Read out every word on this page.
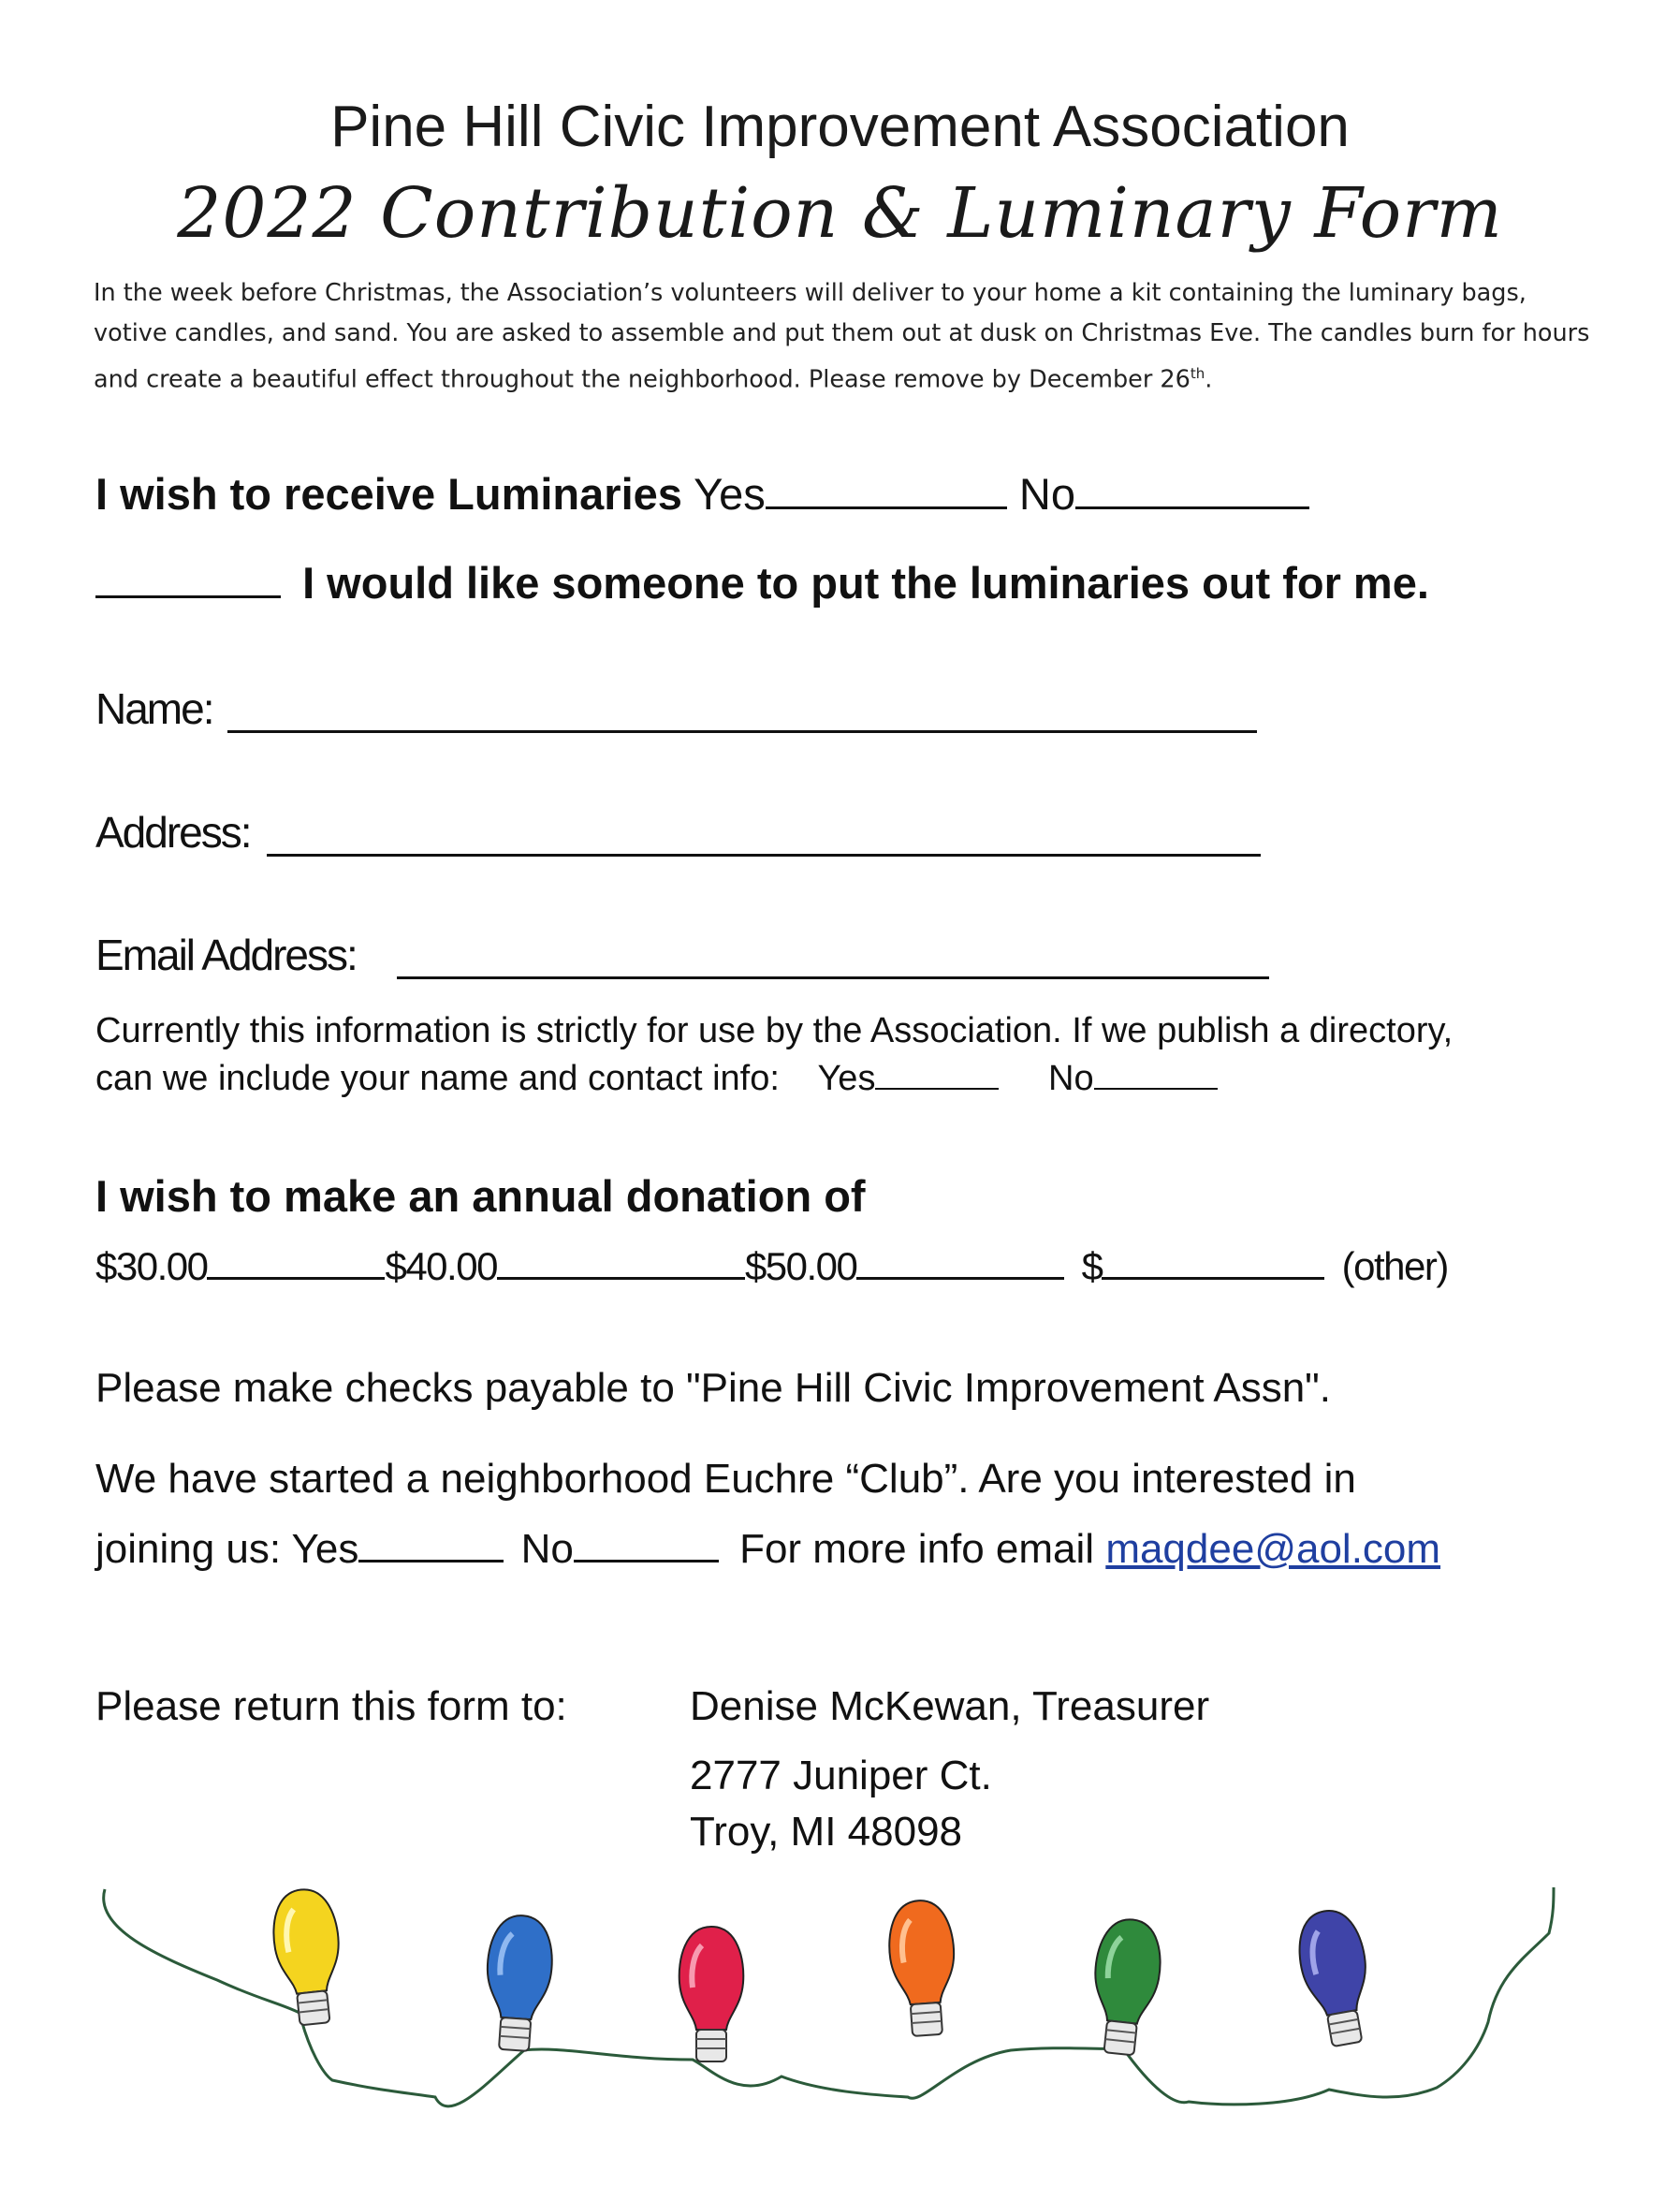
Pine Hill Civic Improvement Association
2022 Contribution & Luminary Form
In the week before Christmas, the Association’s volunteers will deliver to your home a kit containing the luminary bags, votive candles, and sand. You are asked to assemble and put them out at dusk on Christmas Eve. The candles burn for hours and create a beautiful effect throughout the neighborhood. Please remove by December 26th.
I wish to receive Luminaries Yes	No
I would like someone to put the luminaries out for me.
Name:
Address:
Email Address:
Currently this information is strictly for use by the Association. If we publish a directory,
can we include your name and contact info: Yes	No
I wish to make an annual donation of
$30.00	$40.00	$50.00	$	(other)
Please make checks payable to "Pine Hill Civic Improvement Assn".
We have started a neighborhood Euchre “Club”. Are you interested in
joining us: Yes	No	For more info email maqdee@aol.com
Please return this form to:	Denise McKewan, Treasurer
2777 Juniper Ct.
Troy, MI 48098
